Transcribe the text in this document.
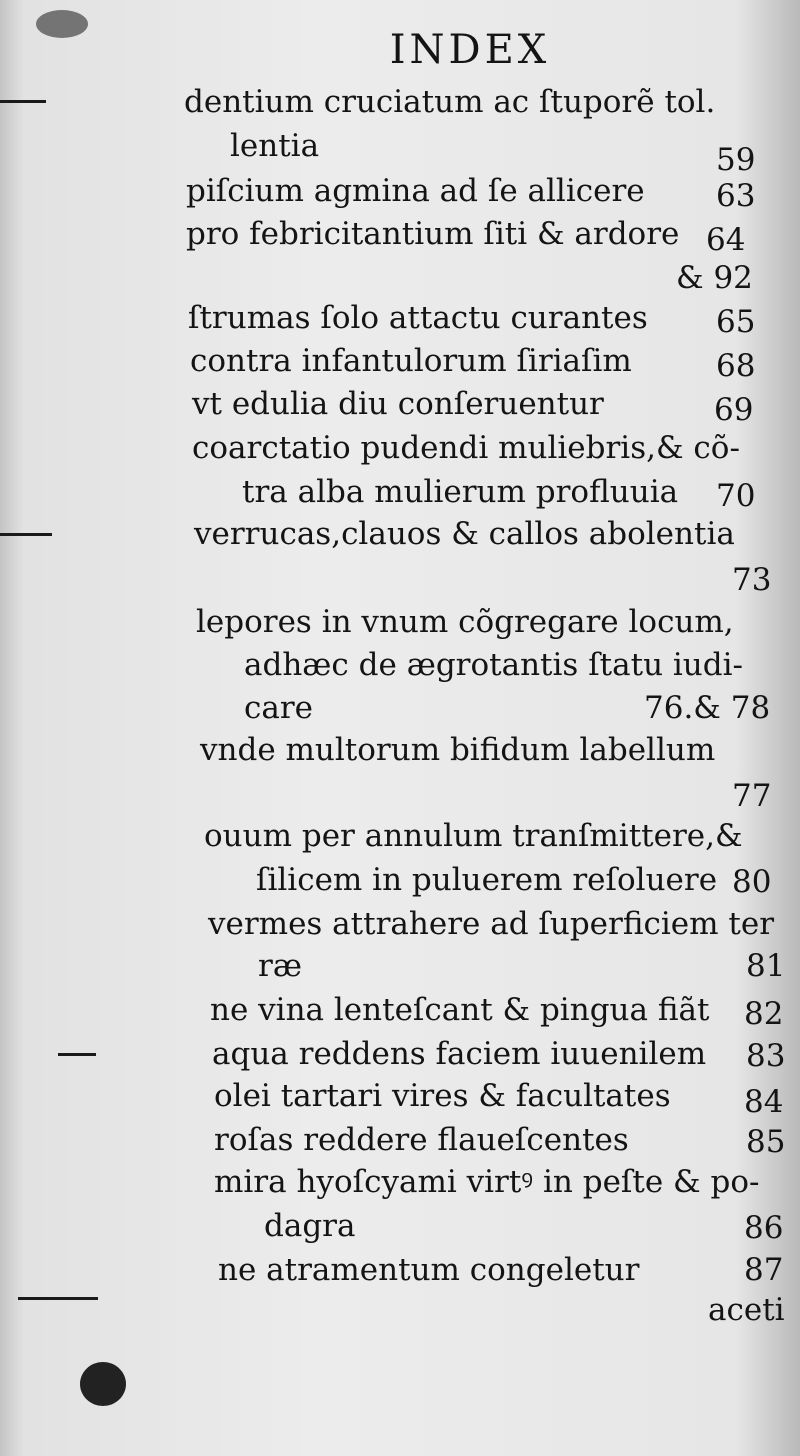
INDEX
dentium cruciatum ac ſtuporẽ tol.
lentia	59
piſcium agmina ad ſe allicere 63
pro febricitantium ſiti & ardore 64
& 92
ſtrumas ſolo attactu curantes 65
contra infantulorum ſiriaſim	68
vt edulia diu conſeruentur	69
coarctatio pudendi muliebris,& cõ-
tra alba mulierum profluuia 70
verrucas,clauos & callos abolentia
73
lepores in vnum cõgregare locum,
adhæc de ægrotantis ſtatu iudi-
care	76.& 78
vnde multorum bifidum labellum
77
ouum per annulum tranſmittere,&
ſilicem in puluerem reſoluere 80
vermes attrahere ad ſuperficiem ter
ræ	81
ne vina lenteſcant & pingua fiãt 82
aqua reddens faciem iuuenilem 83
olei tartari vires & facultates 84
roſas reddere flaueſcentes	85
mira hyoſcyami virtꝰ in peſte & po-
dagra	86
ne atramentum congeletur	87
aceti
